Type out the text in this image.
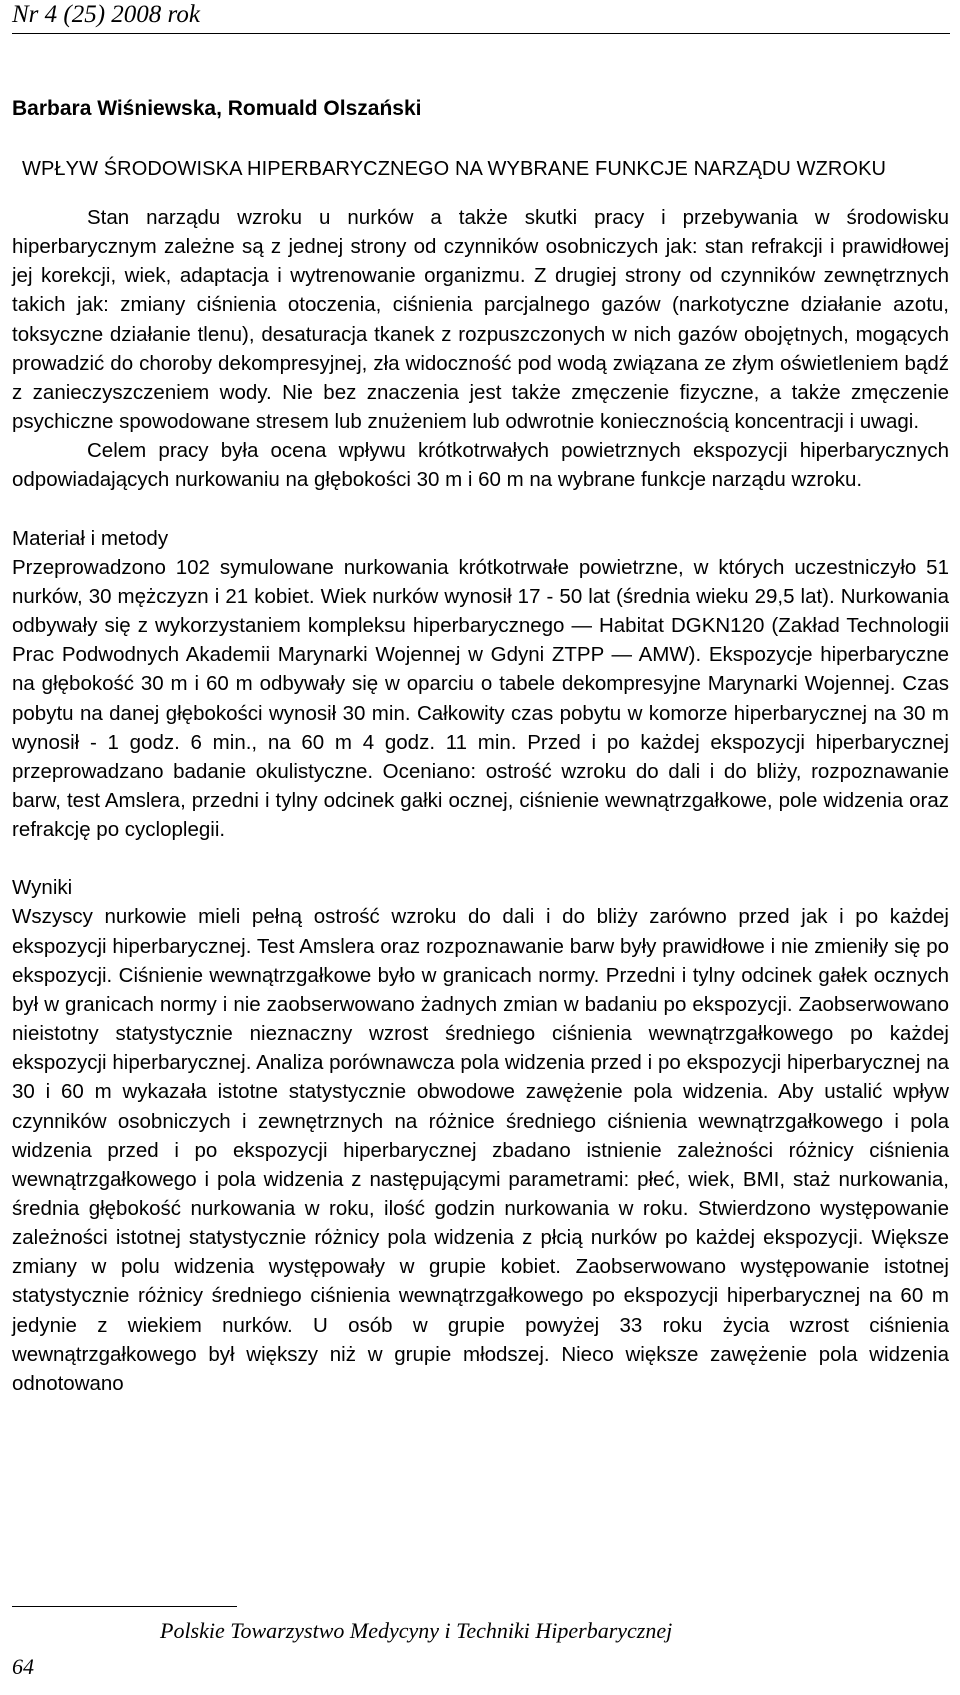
Nr 4 (25) 2008 rok
Barbara Wiśniewska, Romuald Olszański
WPŁYW ŚRODOWISKA HIPERBARYCZNEGO NA WYBRANE FUNKCJE NARZĄDU WZROKU

Stan narządu wzroku u nurków a także skutki pracy i przebywania w środowisku hiperbarycznym zależne są z jednej strony od czynników osobniczych jak: stan refrakcji i prawidłowej jej korekcji, wiek, adaptacja i wytrenowanie organizmu. Z drugiej strony od czynników zewnętrznych takich jak: zmiany ciśnienia otoczenia, ciśnienia parcjalnego gazów (narkotyczne działanie azotu, toksyczne działanie tlenu), desaturacja tkanek z rozpuszczonych w nich gazów obojętnych, mogących prowadzić do choroby dekompresyjnej, zła widoczność pod wodą związana ze złym oświetleniem bądź z zanieczyszczeniem wody. Nie bez znaczenia jest także zmęczenie fizyczne, a także zmęczenie psychiczne spowodowane stresem lub znużeniem lub odwrotnie koniecznością koncentracji i uwagi.

Celem pracy była ocena wpływu krótkotrwałych powietrznych ekspozycji hiperbarycznych odpowiadających nurkowaniu na głębokości 30 m i 60 m na wybrane funkcje narządu wzroku.

Materiał i metody

Przeprowadzono 102 symulowane nurkowania krótkotrwałe powietrzne, w których uczestniczyło 51 nurków, 30 mężczyzn i 21 kobiet. Wiek nurków wynosił 17 - 50 lat (średnia wieku 29,5 lat). Nurkowania odbywały się z wykorzystaniem kompleksu hiperbarycznego — Habitat DGKN120 (Zakład Technologii Prac Podwodnych Akademii Marynarki Wojennej w Gdyni ZTPP — AMW). Ekspozycje hiperbaryczne na głębokość 30 m i 60 m odbywały się w oparciu o tabele dekompresyjne Marynarki Wojennej. Czas pobytu na danej głębokości wynosił 30 min. Całkowity czas pobytu w komorze hiperbarycznej na 30 m wynosił - 1 godz. 6 min., na 60 m 4 godz. 11 min. Przed i po każdej ekspozycji hiperbarycznej przeprowadzano badanie okulistyczne. Oceniano: ostrość wzroku do dali i do bliży, rozpoznawanie barw, test Amslera, przedni i tylny odcinek gałki ocznej, ciśnienie wewnątrzgałkowe, pole widzenia oraz refrakcję po cycloplegii.

Wyniki

Wszyscy nurkowie mieli pełną ostrość wzroku do dali i do bliży zarówno przed jak i po każdej ekspozycji hiperbarycznej. Test Amslera oraz rozpoznawanie barw były prawidłowe i nie zmieniły się po ekspozycji. Ciśnienie wewnątrzgałkowe było w granicach normy. Przedni i tylny odcinek gałek ocznych był w granicach normy i nie zaobserwowano żadnych zmian w badaniu po ekspozycji. Zaobserwowano nieistotny statystycznie nieznaczny wzrost średniego ciśnienia wewnątrzgałkowego po każdej ekspozycji hiperbarycznej. Analiza porównawcza pola widzenia przed i po ekspozycji hiperbarycznej na 30 i 60 m wykazała istotne statystycznie obwodowe zawężenie pola widzenia. Aby ustalić wpływ czynników osobniczych i zewnętrznych na różnice średniego ciśnienia wewnątrzgałkowego i pola widzenia przed i po ekspozycji hiperbarycznej zbadano istnienie zależności różnicy ciśnienia wewnątrzgałkowego i pola widzenia z następującymi parametrami: płeć, wiek, BMI, staż nurkowania, średnia głębokość nurkowania w roku, ilość godzin nurkowania w roku. Stwierdzono występowanie zależności istotnej statystycznie różnicy pola widzenia z płcią nurków po każdej ekspozycji. Większe zmiany w polu widzenia występowały w grupie kobiet. Zaobserwowano występowanie istotnej statystycznie różnicy średniego ciśnienia wewnątrzgałkowego po ekspozycji hiperbarycznej na 60 m jedynie z wiekiem nurków. U osób w grupie powyżej 33 roku życia wzrost ciśnienia wewnątrzgałkowego był większy niż w grupie młodszej. Nieco większe zawężenie pola widzenia odnotowano

Polskie Towarzystwo Medycyny i Techniki Hiperbarycznej
64
